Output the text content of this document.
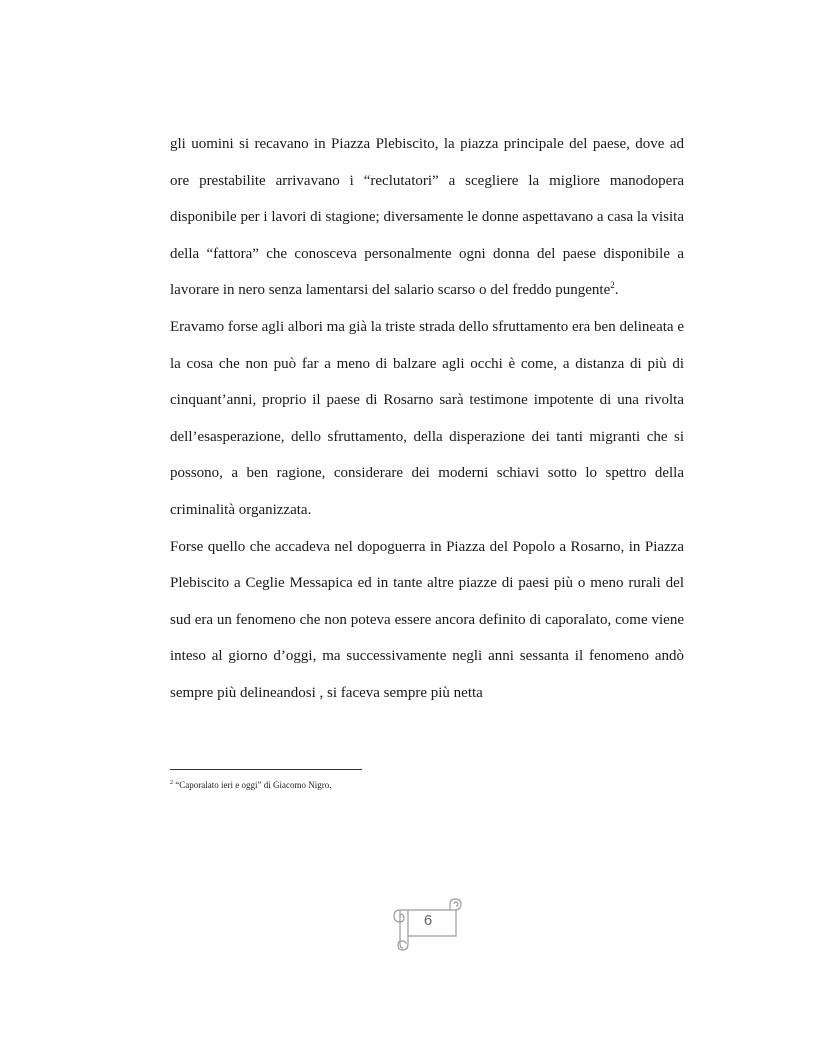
gli uomini si recavano in Piazza Plebiscito, la piazza principale del paese, dove ad ore prestabilite arrivavano i “reclutatori” a scegliere la migliore manodopera disponibile per i lavori di stagione; diversamente le donne aspettavano a casa la visita della “fattora” che conosceva personalmente ogni donna del paese disponibile a lavorare in nero senza lamentarsi del salario scarso o del freddo pungente$^2$.

Eravamo forse agli albori ma già la triste strada dello sfruttamento era ben delineata e la cosa che non può far a meno di balzare agli occhi è come, a distanza di più di cinquant’anni, proprio il paese di Rosarno sarà testimone impotente di una rivolta dell’esasperazione, dello sfruttamento, della disperazione dei tanti migranti che si possono, a ben ragione, considerare dei moderni schiavi sotto lo spettro della criminalità organizzata.

Forse quello che accadeva nel dopoguerra in Piazza del Popolo a Rosarno, in Piazza Plebiscito a Ceglie Messapica ed in tante altre piazze di paesi più o meno rurali del sud era un fenomeno che non poteva essere ancora definito di caporalato, come viene inteso al giorno d’oggi, ma successivamente negli anni sessanta il fenomeno andò sempre più delineandosi , si faceva sempre più netta

$^2$ “Caporalato ieri e oggi” di Giacomo Nigro.
6
